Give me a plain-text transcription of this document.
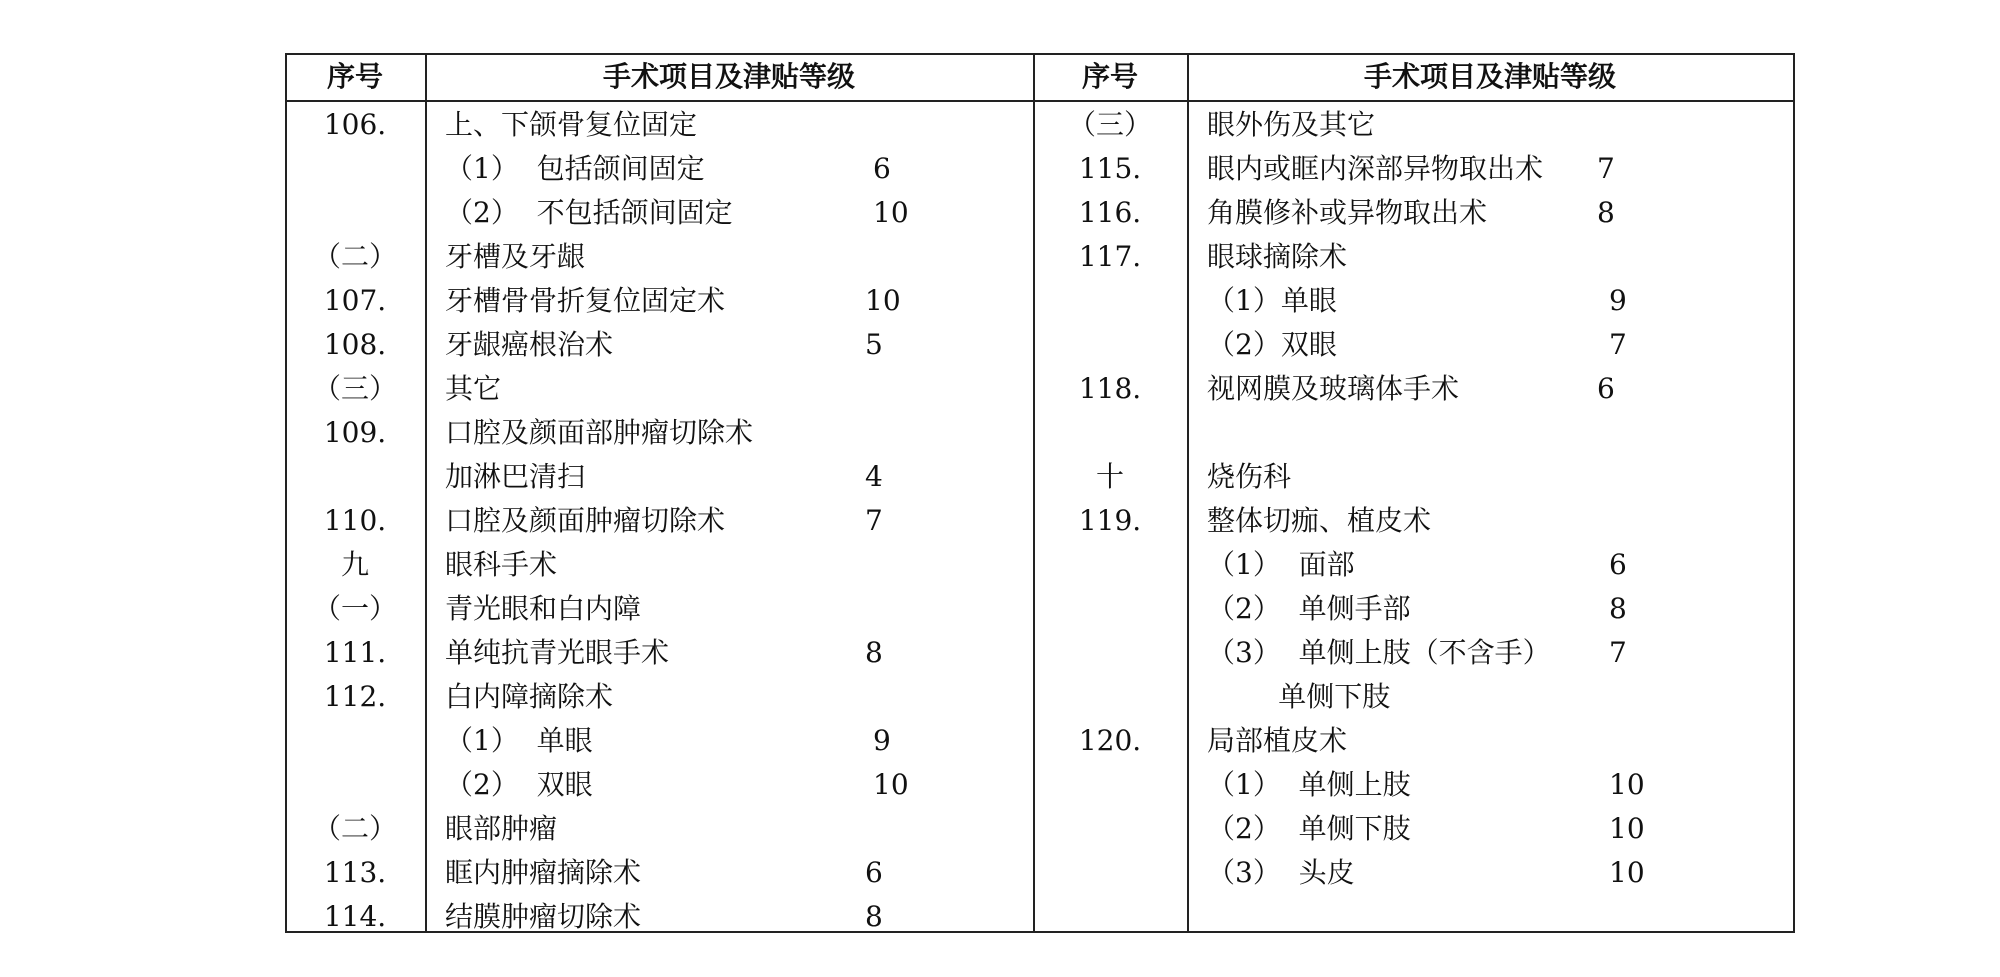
序号	手术项目及津贴等级	序号	手术项目及津贴等级
106.	上、下颌骨复位固定
（1）  包括颌间固定	6
（2）  不包括颌间固定	10
（二）	牙槽及牙龈
107.	牙槽骨骨折复位固定术	10
108.	牙龈癌根治术	5
（三）	其它
109.	口腔及颜面部肿瘤切除术
加淋巴清扫	4
110.	口腔及颜面肿瘤切除术	7
九	眼科手术
（一）	青光眼和白内障
111.	单纯抗青光眼手术	8
112.	白内障摘除术
（1）  单眼	9
（2）  双眼	10
（二）	眼部肿瘤
113.	眶内肿瘤摘除术	6
114.	结膜肿瘤切除术	8
（三）	眼外伤及其它
115.	眼内或眶内深部异物取出术 7
116.	角膜修补或异物取出术	8
117.	眼球摘除术
（1）单眼	9
（2）双眼	7
118.	视网膜及玻璃体手术	6
十	烧伤科
119.	整体切痂、植皮术
（1）  面部	6
（2）  单侧手部	8
（3）  单侧上肢（不含手） 7
单侧下肢
120.	局部植皮术
（1）  单侧上肢	10
（2）  单侧下肢	10
（3）  头皮	10
